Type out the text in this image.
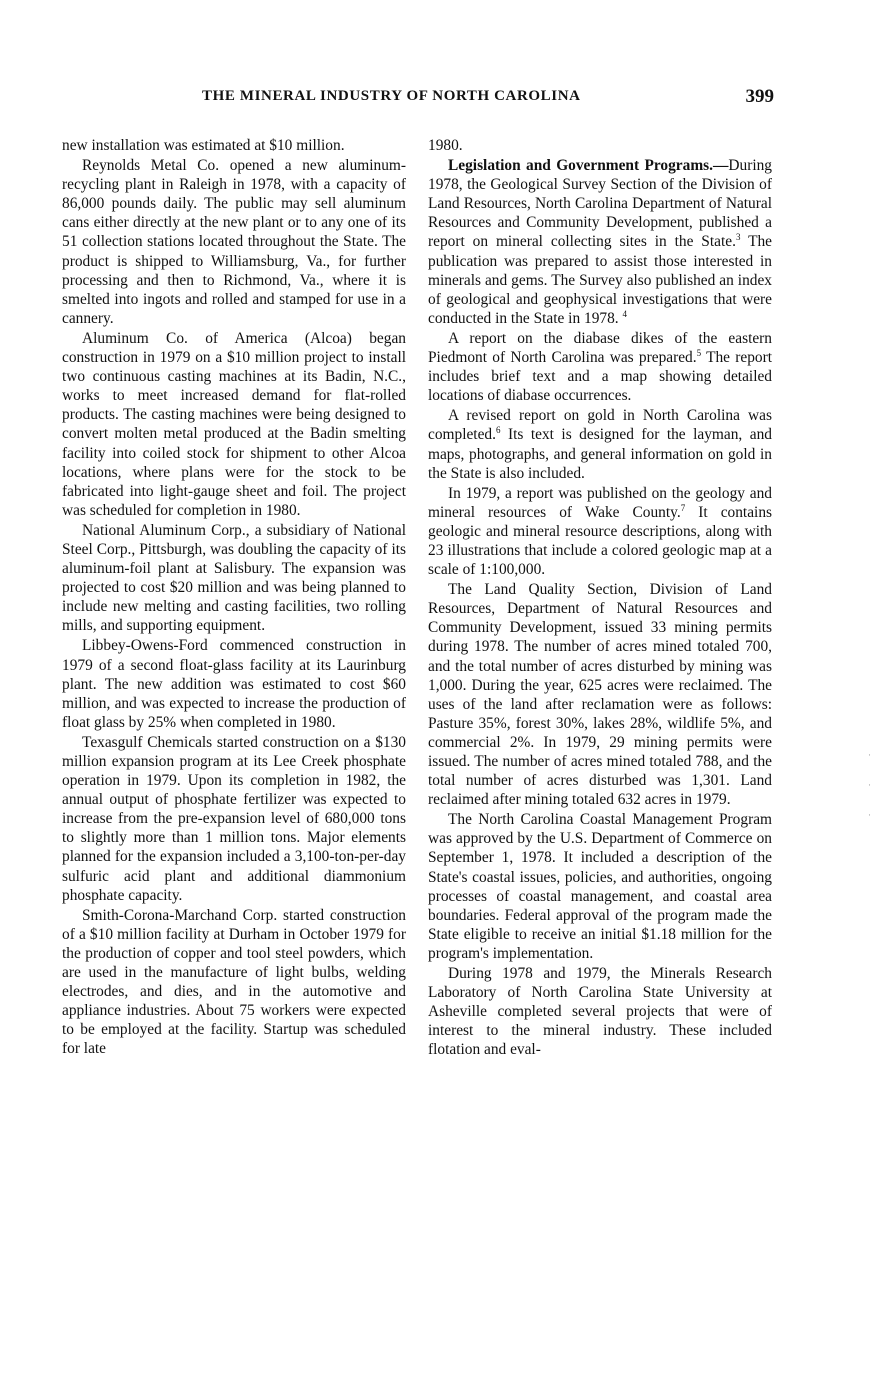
THE MINERAL INDUSTRY OF NORTH CAROLINA	399

new installation was estimated at $10 million.

Reynolds Metal Co. opened a new aluminum-recycling plant in Raleigh in 1978, with a capacity of 86,000 pounds daily. The public may sell aluminum cans either directly at the new plant or to any one of its 51 collection stations located throughout the State. The product is shipped to Williamsburg, Va., for further processing and then to Richmond, Va., where it is smelted into ingots and rolled and stamped for use in a cannery.

Aluminum Co. of America (Alcoa) began construction in 1979 on a $10 million project to install two continuous casting machines at its Badin, N.C., works to meet increased demand for flat-rolled products. The casting machines were being designed to convert molten metal produced at the Badin smelting facility into coiled stock for shipment to other Alcoa locations, where plans were for the stock to be fabricated into light-gauge sheet and foil. The project was scheduled for completion in 1980.

National Aluminum Corp., a subsidiary of National Steel Corp., Pittsburgh, was doubling the capacity of its aluminum-foil plant at Salisbury. The expansion was projected to cost $20 million and was being planned to include new melting and casting facilities, two rolling mills, and supporting equipment.

Libbey-Owens-Ford commenced construction in 1979 of a second float-glass facility at its Laurinburg plant. The new addition was estimated to cost $60 million, and was expected to increase the production of float glass by 25% when completed in 1980.

Texasgulf Chemicals started construction on a $130 million expansion program at its Lee Creek phosphate operation in 1979. Upon its completion in 1982, the annual output of phosphate fertilizer was expected to increase from the pre-expansion level of 680,000 tons to slightly more than 1 million tons. Major elements planned for the expansion included a 3,100-ton-per-day sulfuric acid plant and additional diammonium phosphate capacity.

Smith-Corona-Marchand Corp. started construction of a $10 million facility at Durham in October 1979 for the production of copper and tool steel powders, which are used in the manufacture of light bulbs, welding electrodes, and dies, and in the automotive and appliance industries. About 75 workers were expected to be employed at the facility. Startup was scheduled for late

1980.

Legislation and Government Programs.—During 1978, the Geological Survey Section of the Division of Land Resources, North Carolina Department of Natural Resources and Community Development, published a report on mineral collecting sites in the State.$^3$ The publication was prepared to assist those interested in minerals and gems. The Survey also published an index of geological and geophysical investigations that were conducted in the State in 1978. $^4$

A report on the diabase dikes of the eastern Piedmont of North Carolina was prepared.$^5$ The report includes brief text and a map showing detailed locations of diabase occurrences.

A revised report on gold in North Carolina was completed.$^6$ Its text is designed for the layman, and maps, photographs, and general information on gold in the State is also included.

In 1979, a report was published on the geology and mineral resources of Wake County.$^7$ It contains geologic and mineral resource descriptions, along with 23 illustrations that include a colored geologic map at a scale of 1:100,000.

The Land Quality Section, Division of Land Resources, Department of Natural Resources and Community Development, issued 33 mining permits during 1978. The number of acres mined totaled 700, and the total number of acres disturbed by mining was 1,000. During the year, 625 acres were reclaimed. The uses of the land after reclamation were as follows: Pasture 35%, forest 30%, lakes 28%, wildlife 5%, and commercial 2%. In 1979, 29 mining permits were issued. The number of acres mined totaled 788, and the total number of acres disturbed was 1,301. Land reclaimed after mining totaled 632 acres in 1979.

The North Carolina Coastal Management Program was approved by the U.S. Department of Commerce on September 1, 1978. It included a description of the State's coastal issues, policies, and authorities, ongoing processes of coastal management, and coastal area boundaries. Federal approval of the program made the State eligible to receive an initial $1.18 million for the program's implementation.

During 1978 and 1979, the Minerals Research Laboratory of North Carolina State University at Asheville completed several projects that were of interest to the mineral industry. These included flotation and eval-

·
·
·
